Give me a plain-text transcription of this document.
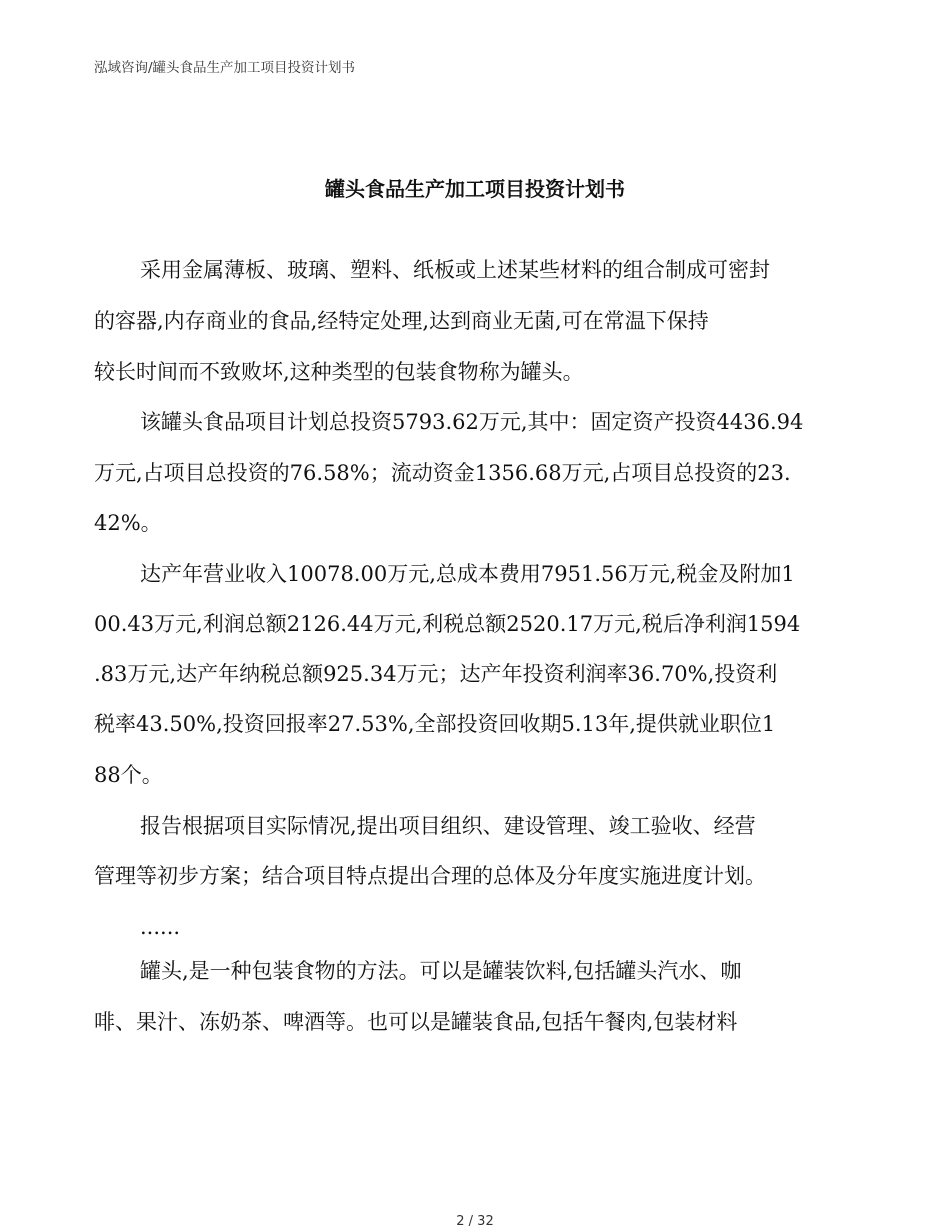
泓域咨询/罐头食品生产加工项目投资计划书
罐头食品生产加工项目投资计划书
采用金属薄板、玻璃、塑料、纸板或上述某些材料的组合制成可密封
的容器,内存商业的食品,经特定处理,达到商业无菌,可在常温下保持
较长时间而不致败坏,这种类型的包装食物称为罐头。
该罐头食品项目计划总投资5793.62万元,其中：固定资产投资4436.94
万元,占项目总投资的76.58%；流动资金1356.68万元,占项目总投资的23.
42%。
达产年营业收入10078.00万元,总成本费用7951.56万元,税金及附加1
00.43万元,利润总额2126.44万元,利税总额2520.17万元,税后净利润1594
.83万元,达产年纳税总额925.34万元；达产年投资利润率36.70%,投资利
税率43.50%,投资回报率27.53%,全部投资回收期5.13年,提供就业职位1
88个。
报告根据项目实际情况,提出项目组织、建设管理、竣工验收、经营
管理等初步方案；结合项目特点提出合理的总体及分年度实施进度计划。
......
罐头,是一种包装食物的方法。可以是罐装饮料,包括罐头汽水、咖
啡、果汁、冻奶茶、啤酒等。也可以是罐装食品,包括午餐肉,包装材料
2 / 32
